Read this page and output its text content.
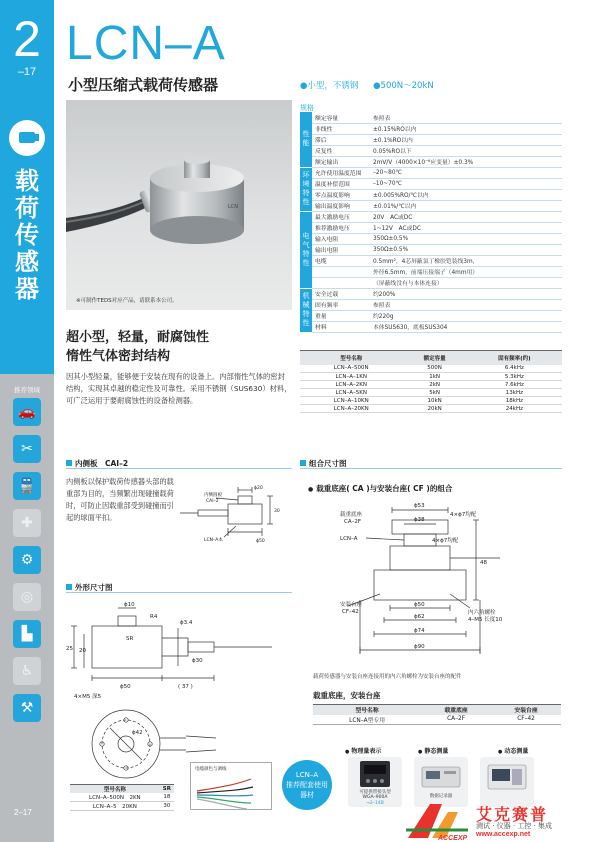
2
–17
载荷传感器
推荐领域
🚗
✂
🚆
✚
⚙
◎
▙
♿
⚒
2–17
LCN–A
小型压缩式载荷传感器	●小型，不锈钢 ●500N～20kN
LCN
※可制作TEDS对应产品，请联系本公司。
规格
性能	额定容量	参照表
	非线性	±0.15%RO以内
	滞后	±0.1%RO以内
	反复性	0.05%RO以下
	额定输出	2mV/V（4000×10⁻⁶应变量）±0.3%
环境特性	允许使用温度范围	–20~80℃
	温度补偿范围	–10~70℃
	零点温度影响	±0.005%RO/℃以内
	输出温度影响	±0.01%/℃以内
电气特性	最大激励电压	20V　AC或DC
	推荐激励电压	1~12V　AC或DC
	输入电阻	350Ω±0.5%
	输出电阻	350Ω±0.5%
	电缆	0.5mm²，4芯屏蔽氯丁橡胶铠装线3m，
		外径6.5mm，前端压接端子（4mm用）
		（屏蔽线没有与本体连接）
机械特性	安全过载	约200%
	固有频率	参照表
	重量	约220g
	材料	本体SUS630，底板SUS304
型号名称	额定容量	固有频率(约)
LCN–A–500N	500N	6.4kHz
LCN–A–1KN	1kN	5.3kHz
LCN–A–2KN	2kN	7.6kHz
LCN–A–5KN	5kN	13kHz
LCN–A–10KN	10kN	18kHz
LCN–A–20KN	20kN	24kHz
超小型，轻量，耐腐蚀性
惰性气体密封结构
因其小型轻量，能够便于安装在现有的设备上。内部惰性气体的密封结构，实现其卓越的稳定性及可靠性。采用不锈钢（SUS630）材料，可广泛运用于要耐腐蚀性的设备检测器。
内侧板　CAI–2
内侧板以保护载荷传感器头部的载重部为目的，当频繁出现碰撞载荷时，可防止因载重部受到碰撞而引起的球面平扣。
内侧圆板
CAI–2
LCN–A本
ϕ20
30
ϕ50
外形尺寸图
ϕ10
R4
SR
25 20
ϕ3.4
ϕ30
ϕ50	( 37 )
4×M5 深5
ϕ42
型号名称	SR
LCN–A–500N　2KN	18
LCN–A–5　20KN	30
电缆颜色与调线
组合尺寸图
● 载重底座( CA )与安装台座( CF )的组合
载重底座
CA–2F
LCN–A
安装台座
CF–42	内六角螺栓
4–M5 长度10
ϕ53
ϕ38
4×ϕ7均配
4×ϕ7均配
ϕ50
ϕ62
ϕ74
ϕ90
48
载荷传感器与安装台座连接用的内六角螺栓为安装台座的配件
载重底座，安装台座
型号名称	载重底座	安装台座
LCN–A型专用	CA–2F	CF–42
LCN–A
推荐配套使用
器材
● 物理量表示	● 静态测量	● 动态测量
可提供带接头型
WGA–900A
→2–14B
数据记录器
ACCEXP
艾克赛普
测试 · 仪器 · 工控 · 集成
www.accexp.net
